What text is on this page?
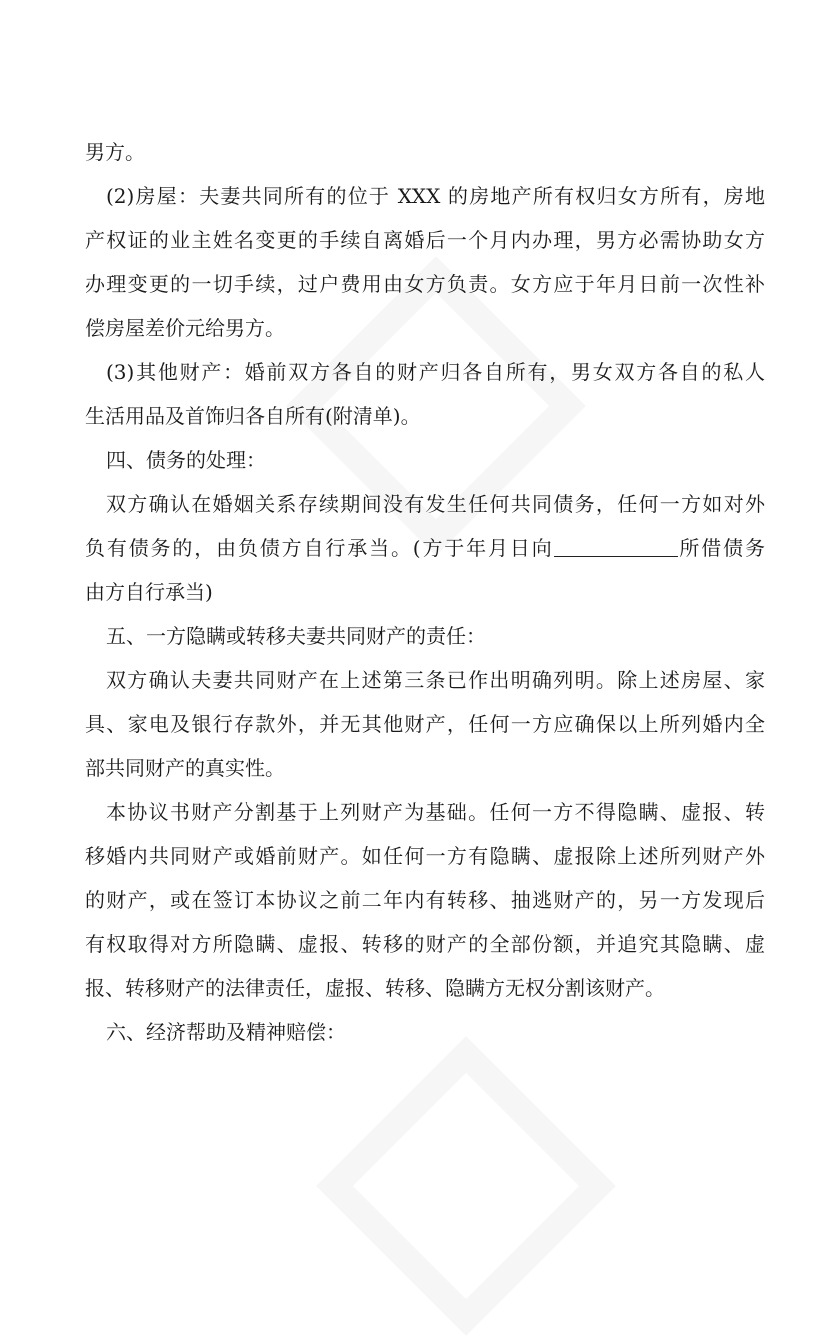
男方。
(2)房屋：夫妻共同所有的位于 XXX 的房地产所有权归女方所有，房地
产权证的业主姓名变更的手续自离婚后一个月内办理，男方必需协助女方
办理变更的一切手续，过户费用由女方负责。女方应于年月日前一次性补
偿房屋差价元给男方。
(3)其他财产：婚前双方各自的财产归各自所有，男女双方各自的私人
生活用品及首饰归各自所有(附清单)。
四、债务的处理：
双方确认在婚姻关系存续期间没有发生任何共同债务，任何一方如对外
负有债务的，由负债方自行承当。(方于年月日向	所借债务
由方自行承当)
五、一方隐瞒或转移夫妻共同财产的责任：
双方确认夫妻共同财产在上述第三条已作出明确列明。除上述房屋、家
具、家电及银行存款外，并无其他财产，任何一方应确保以上所列婚内全
部共同财产的真实性。
本协议书财产分割基于上列财产为基础。任何一方不得隐瞒、虚报、转
移婚内共同财产或婚前财产。如任何一方有隐瞒、虚报除上述所列财产外
的财产，或在签订本协议之前二年内有转移、抽逃财产的，另一方发现后
有权取得对方所隐瞒、虚报、转移的财产的全部份额，并追究其隐瞒、虚
报、转移财产的法律责任，虚报、转移、隐瞒方无权分割该财产。
六、经济帮助及精神赔偿：
